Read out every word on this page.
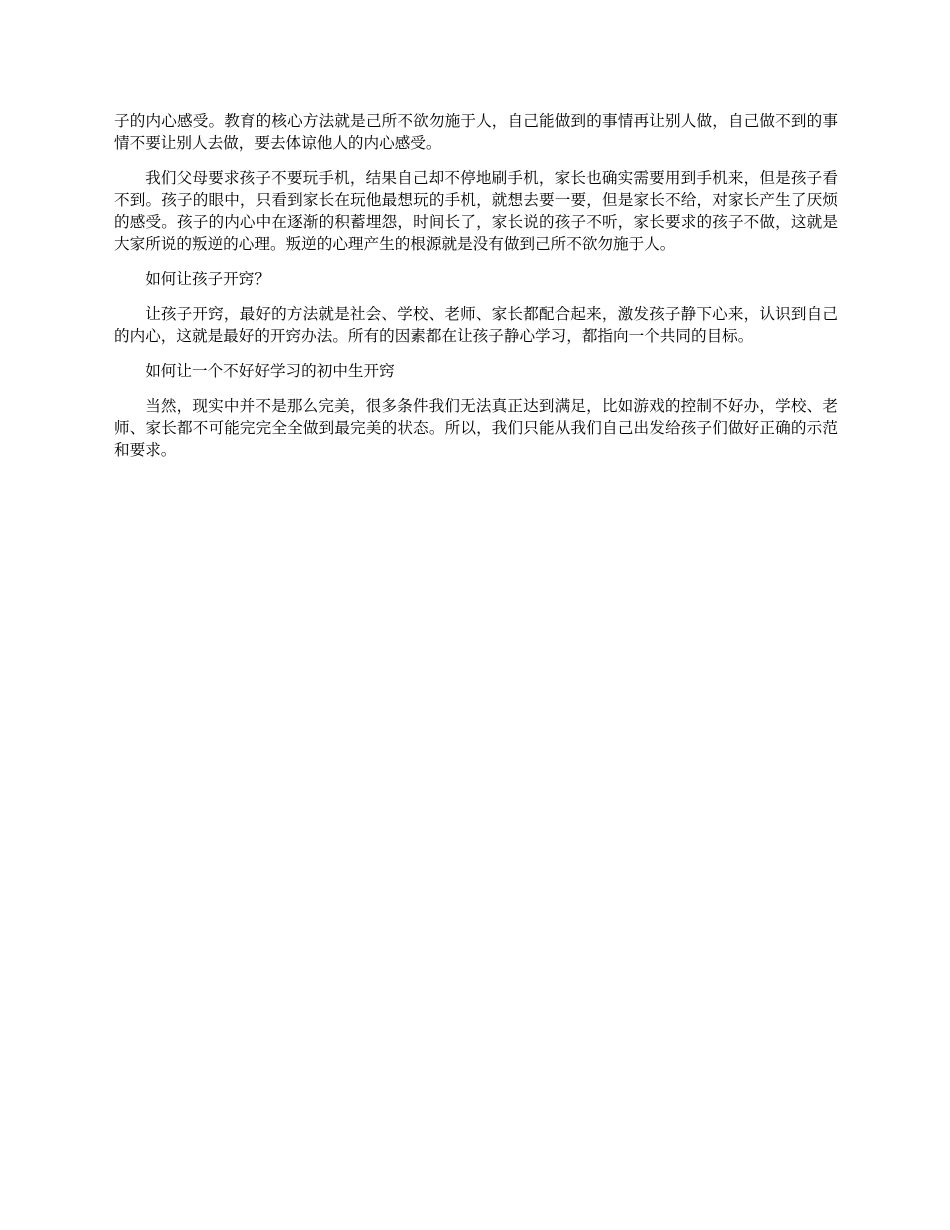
子的内心感受。教育的核心方法就是己所不欲勿施于人，自己能做到的事情再让别人做，自己做不到的事情不要让别人去做，要去体谅他人的内心感受。

我们父母要求孩子不要玩手机，结果自己却不停地刷手机，家长也确实需要用到手机来，但是孩子看不到。孩子的眼中，只看到家长在玩他最想玩的手机，就想去要一要，但是家长不给，对家长产生了厌烦的感受。孩子的内心中在逐渐的积蓄埋怨，时间长了，家长说的孩子不听，家长要求的孩子不做，这就是大家所说的叛逆的心理。叛逆的心理产生的根源就是没有做到己所不欲勿施于人。

如何让孩子开窍？

让孩子开窍，最好的方法就是社会、学校、老师、家长都配合起来，激发孩子静下心来，认识到自己的内心，这就是最好的开窍办法。所有的因素都在让孩子静心学习，都指向一个共同的目标。

如何让一个不好好学习的初中生开窍

当然，现实中并不是那么完美，很多条件我们无法真正达到满足，比如游戏的控制不好办，学校、老师、家长都不可能完完全全做到最完美的状态。所以，我们只能从我们自己出发给孩子们做好正确的示范和要求。
